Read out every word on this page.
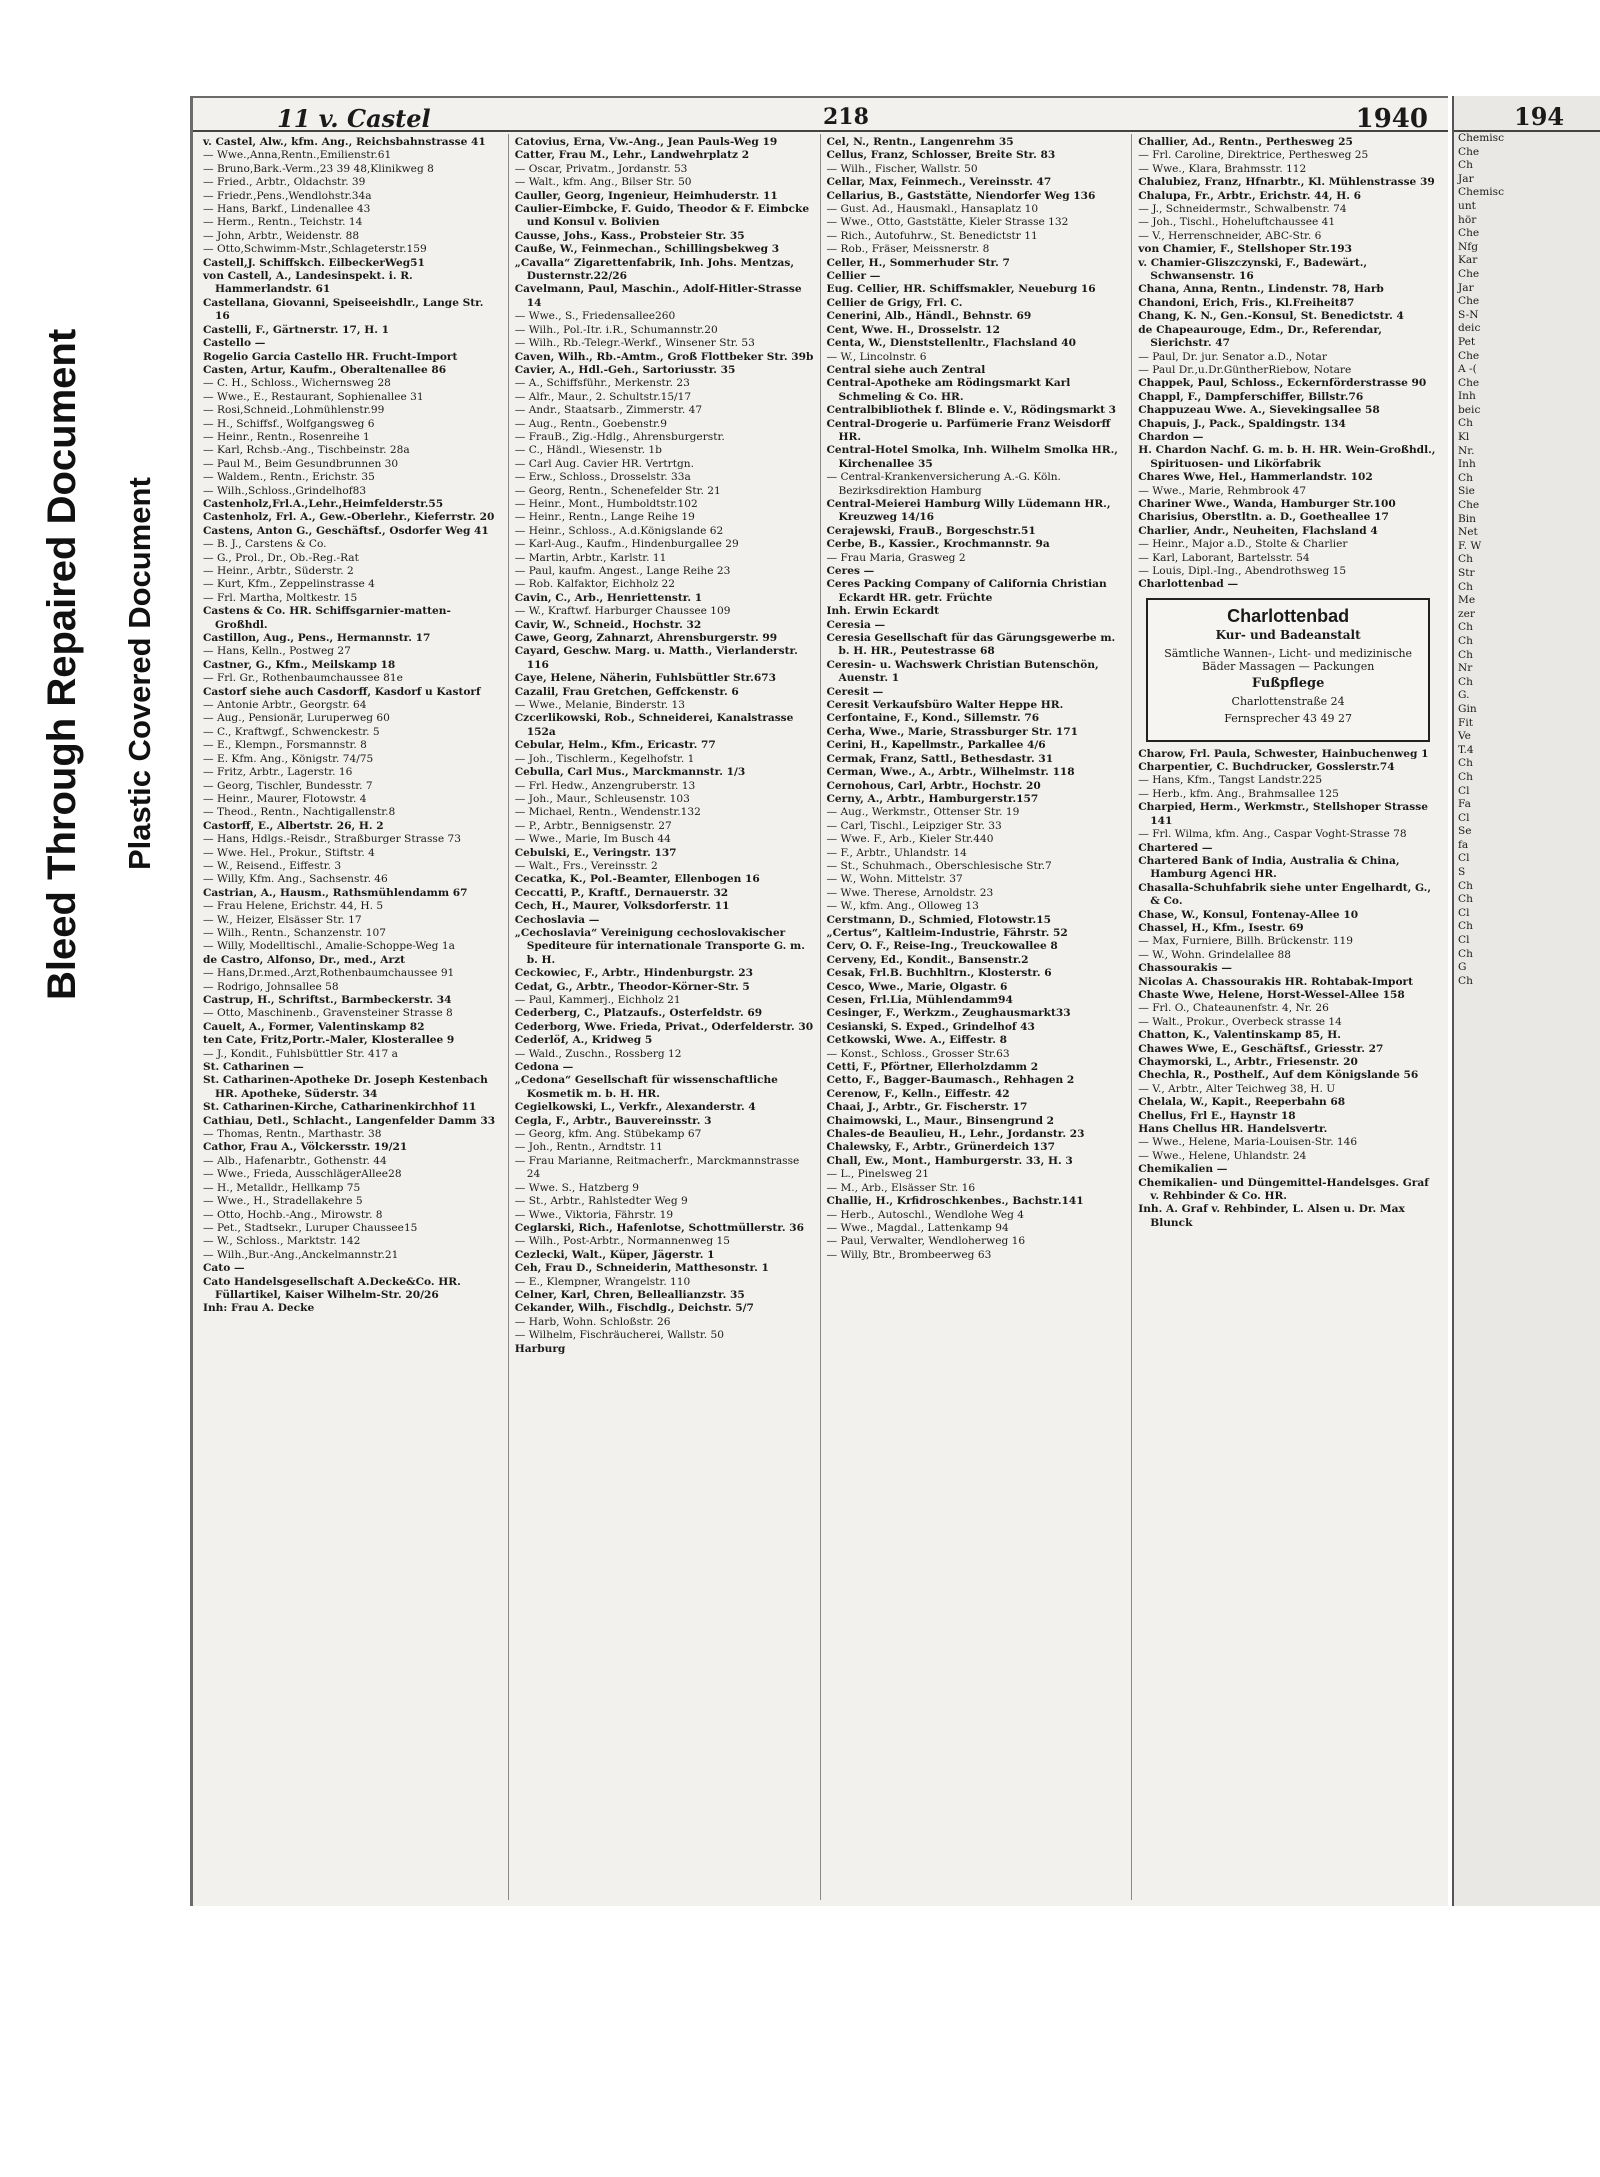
Bleed Through Repaired Document Plastic Covered Document
11 v. Castel	218	1940

v. Castel, Alw., kfm. Ang., Reichsbahnstrasse 41

— Wwe.,Anna,Rentn.,Emilienstr.61

— Bruno,Bark.-Verm.,23 39 48,Klinikweg 8

— Fried., Arbtr., Oldachstr. 39

— Friedr.,Pens.,Wendlohstr.34a

— Hans, Barkf., Lindenallee 43

— Herm., Rentn., Teichstr. 14

— John, Arbtr., Weidenstr. 88

— Otto,Schwimm-Mstr.,Schlageterstr.159

Castell,J. Schiffskch. EilbeckerWeg51

von Castell, A., Landesinspekt. i. R. Hammerlandstr. 61

Castellana, Giovanni, Speiseeishdlr., Lange Str. 16

Castelli, F., Gärtnerstr. 17, H. 1

Castello —

Rogelio Garcia Castello HR. Frucht-Import

Casten, Artur, Kaufm., Oberaltenallee 86

— C. H., Schloss., Wichernsweg 28

— Wwe., E., Restaurant, Sophienallee 31

— Rosi,Schneid.,Lohmühlenstr.99

— H., Schiffsf., Wolfgangsweg 6

— Heinr., Rentn., Rosenreihe 1

— Karl, Rchsb.-Ang., Tischbeinstr. 28a

— Paul M., Beim Gesundbrunnen 30

— Waldem., Rentn., Erichstr. 35

— Wilh.,Schloss.,Grindelhof83

Castenholz,Frl.A.,Lehr.,Heimfelderstr.55

Castenholz, Frl. A., Gew.-Oberlehr., Kieferrstr. 20

Castens, Anton G., Geschäftsf., Osdorfer Weg 41

— B. J., Carstens & Co.

— G., Prol., Dr., Ob.-Reg.-Rat

— Heinr., Arbtr., Süderstr. 2

— Kurt, Kfm., Zeppelinstrasse 4

— Frl. Martha, Moltkestr. 15

Castens & Co. HR. Schiffsgarnier-matten-Großhdl.

Castillon, Aug., Pens., Hermannstr. 17

— Hans, Kelln., Postweg 27

Castner, G., Kfm., Meilskamp 18

— Frl. Gr., Rothenbaumchaussee 81e

Castorf siehe auch Casdorff, Kasdorf u Kastorf

— Antonie Arbtr., Georgstr. 64

— Aug., Pensionär, Luruperweg 60

— C., Kraftwgf., Schwenckestr. 5

— E., Klempn., Forsmannstr. 8

— E. Kfm. Ang., Königstr. 74/75

— Fritz, Arbtr., Lagerstr. 16

— Georg, Tischler, Bundesstr. 7

— Heinr., Maurer, Flotowstr. 4

— Theod., Rentn., Nachtigallenstr.8

Castorff, E., Albertstr. 26, H. 2

— Hans, Hdlgs.-Reisdr., Straßburger Strasse 73

— Wwe. Hel., Prokur., Stiftstr. 4

— W., Reisend., Eiffestr. 3

— Willy, Kfm. Ang., Sachsenstr. 46

Castrian, A., Hausm., Rathsmühlendamm 67

— Frau Helene, Erichstr. 44, H. 5

— W., Heizer, Elsässer Str. 17

— Wilh., Rentn., Schanzenstr. 107

— Willy, Modelltischl., Amalie-Schoppe-Weg 1a

de Castro, Alfonso, Dr., med., Arzt

— Hans,Dr.med.,Arzt,Rothenbaumchaussee 91

— Rodrigo, Johnsallee 58

Castrup, H., Schriftst., Barmbeckerstr. 34

— Otto, Maschinenb., Gravensteiner Strasse 8

Cauelt, A., Former, Valentinskamp 82

ten Cate, Fritz,Portr.-Maler, Klosterallee 9

— J., Kondit., Fuhlsbüttler Str. 417 a

St. Catharinen —

St. Catharinen-Apotheke Dr. Joseph Kestenbach HR. Apotheke, Süderstr. 34

St. Catharinen-Kirche, Catharinenkirchhof 11

Cathiau, Detl., Schlacht., Langenfelder Damm 33

— Thomas, Rentn., Marthastr. 38

Cathor, Frau A., Völckersstr. 19/21

— Alb., Hafenarbtr., Gothenstr. 44

— Wwe., Frieda, AusschlägerAllee28

— H., Metalldr., Hellkamp 75

— Wwe., H., Stradellakehre 5

— Otto, Hochb.-Ang., Mirowstr. 8

— Pet., Stadtsekr., Luruper Chaussee15

— W., Schloss., Marktstr. 142

— Wilh.,Bur.-Ang.,Anckelmannstr.21

Cato —

Cato Handelsgesellschaft A.Decke&Co. HR. Füllartikel, Kaiser Wilhelm-Str. 20/26

Inh: Frau A. Decke

Catovius, Erna, Vw.-Ang., Jean Pauls-Weg 19

Catter, Frau M., Lehr., Landwehrplatz 2

— Oscar, Privatm., Jordanstr. 53

— Walt., kfm. Ang., Bilser Str. 50

Cauller, Georg, Ingenieur, Heimhuderstr. 11

Caulier-Eimbcke, F. Guido, Theodor & F. Eimbcke und Konsul v. Bolivien

Causse, Johs., Kass., Probsteier Str. 35

Cauße, W., Feinmechan., Schillingsbekweg 3

„Cavalla“ Zigarettenfabrik, Inh. Johs. Mentzas, Dusternstr.22/26

Cavelmann, Paul, Maschin., Adolf-Hitler-Strasse 14

— Wwe., S., Friedensallee260

— Wilh., Pol.-Itr. i.R., Schumannstr.20

— Wilh., Rb.-Telegr.-Werkf., Winsener Str. 53

Caven, Wilh., Rb.-Amtm., Groß Flottbeker Str. 39b

Cavier, A., Hdl.-Geh., Sartoriusstr. 35

— A., Schiffsführ., Merkenstr. 23

— Alfr., Maur., 2. Schultstr.15/17

— Andr., Staatsarb., Zimmerstr. 47

— Aug., Rentn., Goebenstr.9

— FrauB., Zig.-Hdlg., Ahrensburgerstr.

— C., Händl., Wiesenstr. 1b

— Carl Aug. Cavier HR. Vertrtgn.

— Erw., Schloss., Drosselstr. 33a

— Georg, Rentn., Schenefelder Str. 21

— Heinr., Mont., Humboldtstr.102

— Heinr., Rentn., Lange Reihe 19

— Heinr., Schloss., A.d.Königslande 62

— Karl-Aug., Kaufm., Hindenburgallee 29

— Martin, Arbtr., Karlstr. 11

— Paul, kaufm. Angest., Lange Reihe 23

— Rob. Kalfaktor, Eichholz 22

Cavin, C., Arb., Henriettenstr. 1

— W., Kraftwf. Harburger Chaussee 109

Cavir, W., Schneid., Hochstr. 32

Cawe, Georg, Zahnarzt, Ahrensburgerstr. 99

Cayard, Geschw. Marg. u. Matth., Vierlanderstr. 116

Caye, Helene, Näherin, Fuhlsbüttler Str.673

Cazalil, Frau Gretchen, Geffckenstr. 6

— Wwe., Melanie, Binderstr. 13

Czcerlikowski, Rob., Schneiderei, Kanalstrasse 152a

Cebular, Helm., Kfm., Ericastr. 77

— Joh., Tischlerm., Kegelhofstr. 1

Cebulla, Carl Mus., Marckmannstr. 1/3

— Frl. Hedw., Anzengruberstr. 13

— Joh., Maur., Schleusenstr. 103

— Michael, Rentn., Wendenstr.132

— P., Arbtr., Bennigsenstr. 27

— Wwe., Marie, Im Busch 44

Cebulski, E., Veringstr. 137

— Walt., Frs., Vereinsstr. 2

Cecatka, K., Pol.-Beamter, Ellenbogen 16

Ceccatti, P., Kraftf., Dernauerstr. 32

Cech, H., Maurer, Volksdorferstr. 11

Cechoslavia —

„Cechoslavia“ Vereinigung cechoslovakischer Spediteure für internationale Transporte G. m. b. H.

Ceckowiec, F., Arbtr., Hindenburgstr. 23

Cedat, G., Arbtr., Theodor-Körner-Str. 5

— Paul, Kammerj., Eichholz 21

Cederberg, C., Platzaufs., Osterfeldstr. 69

Cederborg, Wwe. Frieda, Privat., Oderfelderstr. 30

Cederlöf, A., Kridweg 5

— Wald., Zuschn., Rossberg 12

Cedona —

„Cedona“ Gesellschaft für wissenschaftliche Kosmetik m. b. H. HR.

Cegielkowski, L., Verkfr., Alexanderstr. 4

Cegla, F., Arbtr., Bauvereinsstr. 3

— Georg, kfm. Ang. Stübekamp 67

— Joh., Rentn., Arndtstr. 11

— Frau Marianne, Reitmacherfr., Marckmannstrasse 24

— Wwe. S., Hatzberg 9

— St., Arbtr., Rahlstedter Weg 9

— Wwe., Viktoria, Fährstr. 19

Ceglarski, Rich., Hafenlotse, Schottmüllerstr. 36

— Wilh., Post-Arbtr., Normannenweg 15

Cezlecki, Walt., Küper, Jägerstr. 1

Ceh, Frau D., Schneiderin, Matthesonstr. 1

— E., Klempner, Wrangelstr. 110

Celner, Karl, Chren, Belleallianzstr. 35

Cekander, Wilh., Fischdlg., Deichstr. 5/7

— Harb, Wohn. Schloßstr. 26

— Wilhelm, Fischräucherei, Wallstr. 50

Harburg

Cel, N., Rentn., Langenrehm 35

Cellus, Franz, Schlosser, Breite Str. 83

— Wilh., Fischer, Wallstr. 50

Cellar, Max, Feinmech., Vereinsstr. 47

Cellarius, B., Gaststätte, Niendorfer Weg 136

— Gust. Ad., Hausmakl., Hansaplatz 10

— Wwe., Otto, Gaststätte, Kieler Strasse 132

— Rich., Autofuhrw., St. Benedictstr 11

— Rob., Fräser, Meissnerstr. 8

Celler, H., Sommerhuder Str. 7

Cellier —

Eug. Cellier, HR. Schiffsmakler, Neueburg 16

Cellier de Grigy, Frl. C.

Cenerini, Alb., Händl., Behnstr. 69

Cent, Wwe. H., Drosselstr. 12

Centa, W., Dienststellenltr., Flachsland 40

— W., Lincolnstr. 6

Central siehe auch Zentral

Central-Apotheke am Rödingsmarkt Karl Schmeling & Co. HR.

Centralbibliothek f. Blinde e. V., Rödingsmarkt 3

Central-Drogerie u. Parfümerie Franz Weisdorff HR.

Central-Hotel Smolka, Inh. Wilhelm Smolka HR., Kirchenallee 35

— Central-Krankenversicherung A.-G. Köln. Bezirksdirektion Hamburg

Central-Meierei Hamburg Willy Lüdemann HR., Kreuzweg 14/16

Cerajewski, FrauB., Borgeschstr.51

Cerbe, B., Kassier., Krochmannstr. 9a

— Frau Maria, Grasweg 2

Ceres —

Ceres Packing Company of California Christian Eckardt HR. getr. Früchte

Inh. Erwin Eckardt

Ceresia —

Ceresia Gesellschaft für das Gärungsgewerbe m. b. H. HR., Peutestrasse 68

Ceresin- u. Wachswerk Christian Butenschön, Auenstr. 1

Ceresit —

Ceresit Verkaufsbüro Walter Heppe HR.

Cerfontaine, F., Kond., Sillemstr. 76

Cerha, Wwe., Marie, Strassburger Str. 171

Cerini, H., Kapellmstr., Parkallee 4/6

Cermak, Franz, Sattl., Bethesdastr. 31

Cerman, Wwe., A., Arbtr., Wilhelmstr. 118

Cernohous, Carl, Arbtr., Hochstr. 20

Cerny, A., Arbtr., Hamburgerstr.157

— Aug., Werkmstr., Ottenser Str. 19

— Carl, Tischl., Leipziger Str. 33

— Wwe. F., Arb., Kieler Str.440

— F., Arbtr., Uhlandstr. 14

— St., Schuhmach., Oberschlesische Str.7

— W., Wohn. Mittelstr. 37

— Wwe. Therese, Arnoldstr. 23

— W., kfm. Ang., Olloweg 13

Cerstmann, D., Schmied, Flotowstr.15

„Certus“, Kaltleim-Industrie, Fährstr. 52

Cerv, O. F., Reise-Ing., Treuckowallee 8

Cerveny, Ed., Kondit., Bansenstr.2

Cesak, Frl.B. Buchhltrn., Klosterstr. 6

Cesco, Wwe., Marie, Olgastr. 6

Cesen, Frl.Lia, Mühlendamm94

Cesinger, F., Werkzm., Zeughausmarkt33

Cesianski, S. Exped., Grindelhof 43

Cetkowski, Wwe. A., Eiffestr. 8

— Konst., Schloss., Grosser Str.63

Cetti, F., Pförtner, Ellerholzdamm 2

Cetto, F., Bagger-Baumasch., Rehhagen 2

Cerenow, F., Kelln., Eiffestr. 42

Chaai, J., Arbtr., Gr. Fischerstr. 17

Chaimowski, L., Maur., Binsengrund 2

Chales-de Beaulieu, H., Lehr., Jordanstr. 23

Chalewsky, F., Arbtr., Grünerdeich 137

Chall, Ew., Mont., Hamburgerstr. 33, H. 3

— L., Pinelsweg 21

— M., Arb., Elsässer Str. 16

Challie, H., Krfidroschkenbes., Bachstr.141

— Herb., Autoschl., Wendlohe Weg 4

— Wwe., Magdal., Lattenkamp 94

— Paul, Verwalter, Wendloherweg 16

— Willy, Btr., Brombeerweg 63

Challier, Ad., Rentn., Perthesweg 25

— Frl. Caroline, Direktrice, Perthesweg 25

— Wwe., Klara, Brahmsstr. 112

Chalubiez, Franz, Hfnarbtr., Kl. Mühlenstrasse 39

Chalupa, Fr., Arbtr., Erichstr. 44, H. 6

— J., Schneidermstr., Schwalbenstr. 74

— Joh., Tischl., Hoheluftchaussee 41

— V., Herrenschneider, ABC-Str. 6

von Chamier, F., Stellshoper Str.193

v. Chamier-Gliszczynski, F., Badewärt., Schwansenstr. 16

Chana, Anna, Rentn., Lindenstr. 78, Harb

Chandoni, Erich, Fris., Kl.Freiheit87

Chang, K. N., Gen.-Konsul, St. Benedictstr. 4

de Chapeaurouge, Edm., Dr., Referendar, Sierichstr. 47

— Paul, Dr. jur. Senator a.D., Notar

— Paul Dr.,u.Dr.GüntherRiebow, Notare

Chappek, Paul, Schloss., Eckernförderstrasse 90

Chappl, F., Dampferschiffer, Billstr.76

Chappuzeau Wwe. A., Sievekingsallee 58

Chapuis, J., Pack., Spaldingstr. 134

Chardon —

H. Chardon Nachf. G. m. b. H. HR. Wein-Großhdl., Spirituosen- und Likörfabrik

Chares Wwe, Hel., Hammerlandstr. 102

— Wwe., Marie, Rehmbrook 47

Chariner Wwe., Wanda, Hamburger Str.100

Charisius, Oberstltn. a. D., Goetheallee 17

Charlier, Andr., Neuheiten, Flachsland 4

— Heinr., Major a.D., Stolte & Charlier

— Karl, Laborant, Bartelsstr. 54

— Louis, Dipl.-Ing., Abendrothsweg 15

Charlottenbad —

Charlottenbad
Kur- und Badeanstalt
Sämtliche Wannen-, Licht- und medizinische Bäder Massagen — Packungen
Fußpflege
Charlottenstraße 24
Fernsprecher 43 49 27

Charow, Frl. Paula, Schwester, Hainbuchenweg 1

Charpentier, C. Buchdrucker, Gosslerstr.74

— Hans, Kfm., Tangst Landstr.225

— Herb., kfm. Ang., Brahmsallee 125

Charpied, Herm., Werkmstr., Stellshoper Strasse 141

— Frl. Wilma, kfm. Ang., Caspar Voght-Strasse 78

Chartered —

Chartered Bank of India, Australia & China, Hamburg Agenci HR.

Chasalla-Schuhfabrik siehe unter Engelhardt, G., & Co.

Chase, W., Konsul, Fontenay-Allee 10

Chassel, H., Kfm., Isestr. 69

— Max, Furniere, Billh. Brückenstr. 119

— W., Wohn. Grindelallee 88

Chassourakis —

Nicolas A. Chassourakis HR. Rohtabak-Import

Chaste Wwe, Helene, Horst-Wessel-Allee 158

— Frl. O., Chateaunenfstr. 4, Nr. 26

— Walt., Prokur., Overbeck strasse 14

Chatton, K., Valentinskamp 85, H.

Chawes Wwe, E., Geschäftsf., Griesstr. 27

Chaymorski, L., Arbtr., Friesenstr. 20

Chechla, R., Posthelf., Auf dem Königslande 56

— V., Arbtr., Alter Teichweg 38, H. U

Chelala, W., Kapit., Reeperbahn 68

Chellus, Frl E., Haynstr 18

Hans Chellus HR. Handelsvertr.

— Wwe., Helene, Maria-Louisen-Str. 146

— Wwe., Helene, Uhlandstr. 24

Chemikalien —

Chemikalien- und Düngemittel-Handelsges. Graf v. Rehbinder & Co. HR.

Inh. A. Graf v. Rehbinder, L. Alsen u. Dr. Max Blunck

194
Chemisc
Che
Ch
Jar
Chemisc
unt
hör
Che
Nfg
Kar
Che
Jar
Che
S-N
deic
Pet
Che
A -(
Che
Inh
beic
Ch
Kl
Nr.
Inh
Ch
Sie
Che
Bin
Net
F. W
Ch
Str
Ch
Me
zer
Ch
Ch
Ch
Nr
Ch
G.
Gin
Fit
Ve
T.4
Ch
Ch
Cl
Fa
Cl
Se
fa
Cl
S
Ch
Ch
Cl
Ch
Cl
Ch
G
Ch
